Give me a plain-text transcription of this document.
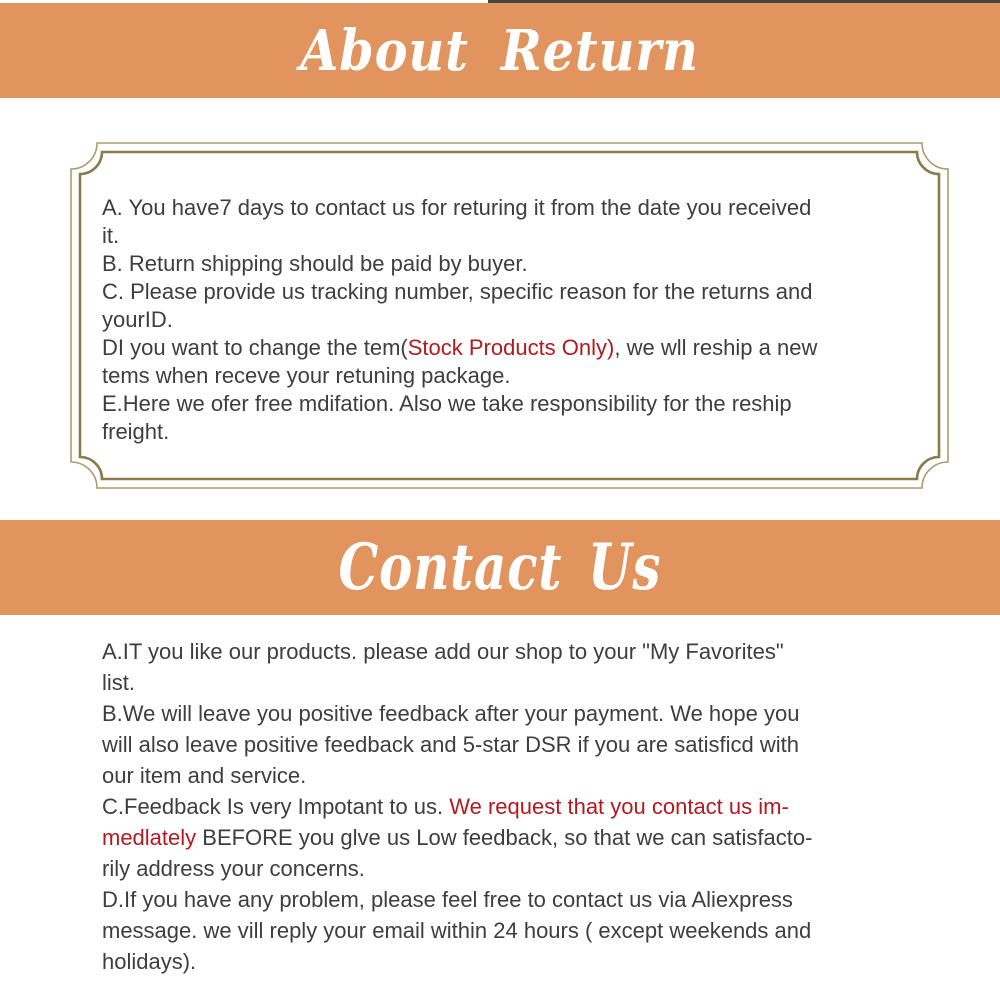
About Return
A. You have7 days to contact us for returing it from the date you received
it.
B. Return shipping should be paid by buyer.
C. Please provide us tracking number, specific reason for the returns and
yourID.
DI you want to change the tem(Stock Products Only), we wll reship a new
tems when receve your retuning package.
E.Here we ofer free mdifation. Also we take responsibility for the reship
freight.
Contact Us
A.IT you like our products. please add our shop to your "My Favorites"
list.
B.We will leave you positive feedback after your payment. We hope you
will also leave positive feedback and 5-star DSR if you are satisficd with
our item and service.
C.Feedback Is very Impotant to us. We request that you contact us im-
medlately BEFORE you glve us Low feedback, so that we can satisfacto-
rily address your concerns.
D.If you have any problem, please feel free to contact us via Aliexpress
message. we vill reply your email within 24 hours ( except weekends and
holidays).
